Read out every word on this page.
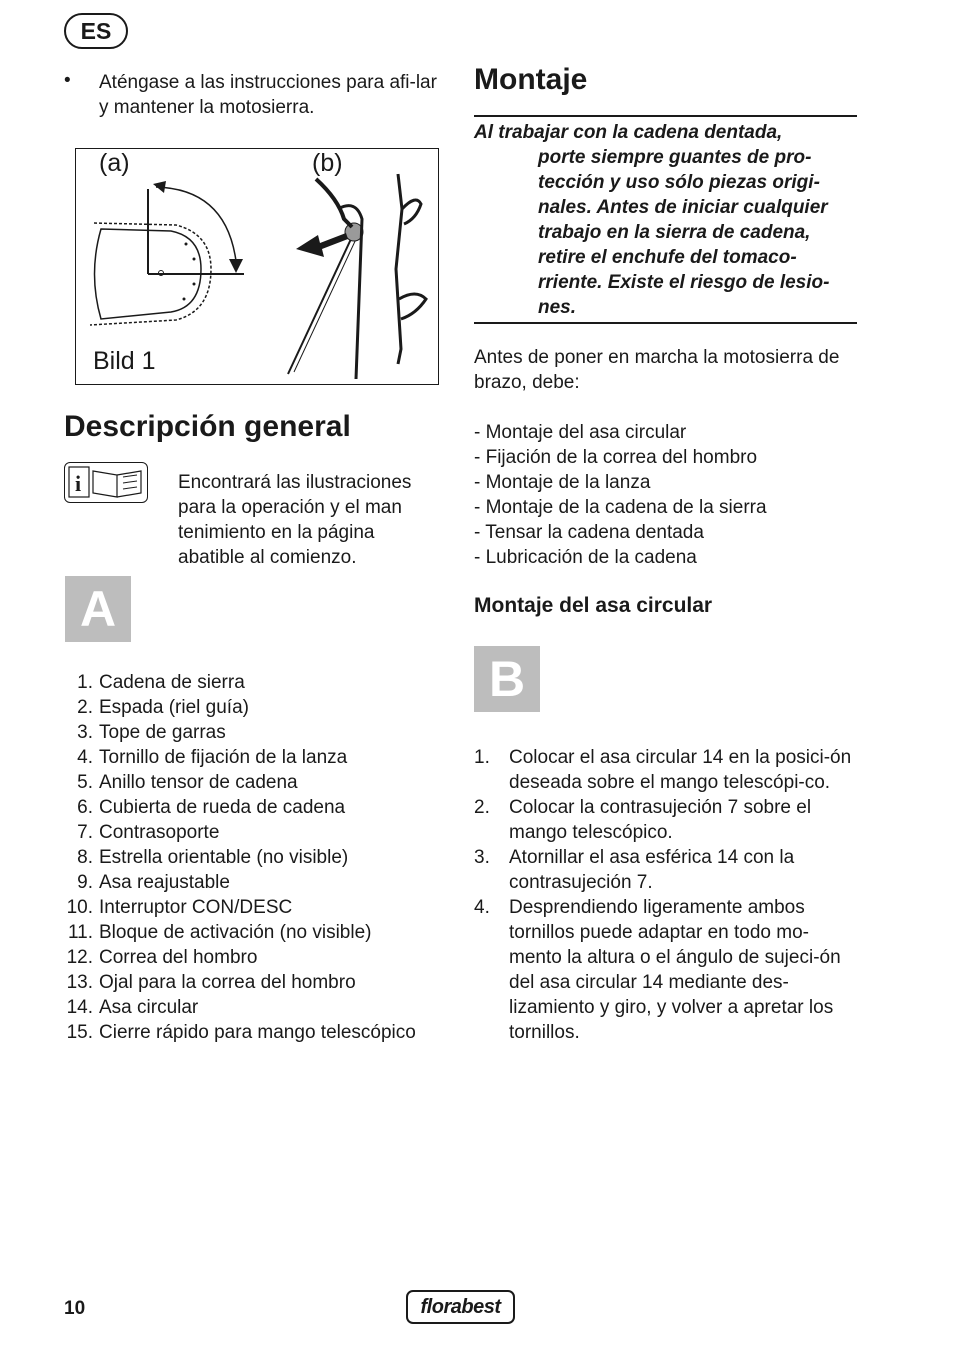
ES
• Aténgase a las instrucciones para afi-lar y mantener la motosierra.
(a)	(b)
Bild 1
Descripción general
i	Encontrará las ilustraciones para la operación y el man tenimiento en la página abatible al comienzo.
A
1. Cadena de sierra
2. Espada (riel guía)
3. Tope de garras
4. Tornillo de fijación de la lanza
5. Anillo tensor de cadena
6. Cubierta de rueda de cadena
7. Contrasoporte
8. Estrella orientable (no visible)
9. Asa reajustable
10. Interruptor CON/DESC
11. Bloque de activación (no visible)
12. Correa del hombro
13. Ojal para la correa del hombro
14. Asa circular
15. Cierre rápido para mango telescópico
Montaje
Al trabajar con la cadena dentada,
porte siempre guantes de pro-tección y uso sólo piezas origi-nales. Antes de iniciar cualquier trabajo en la sierra de cadena, retire el enchufe del tomaco-rriente. Existe el riesgo de lesio-nes.
Antes de poner en marcha la motosierra de brazo, debe:
- Montaje del asa circular
- Fijación de la correa del hombro
- Montaje de la lanza
- Montaje de la cadena de la sierra
- Tensar la cadena dentada
- Lubricación de la cadena
Montaje del asa circular
B
1. Colocar el asa circular 14 en la posici-ón deseada sobre el mango telescópi-co.
2. Colocar la contrasujeción 7 sobre el mango telescópico.
3. Atornillar el asa esférica 14 con la contrasujeción 7.
4. Desprendiendo ligeramente ambos tornillos puede adaptar en todo mo-mento la altura o el ángulo de sujeci-ón del asa circular 14 mediante des-lizamiento y giro, y volver a apretar los tornillos.
10	florabest
